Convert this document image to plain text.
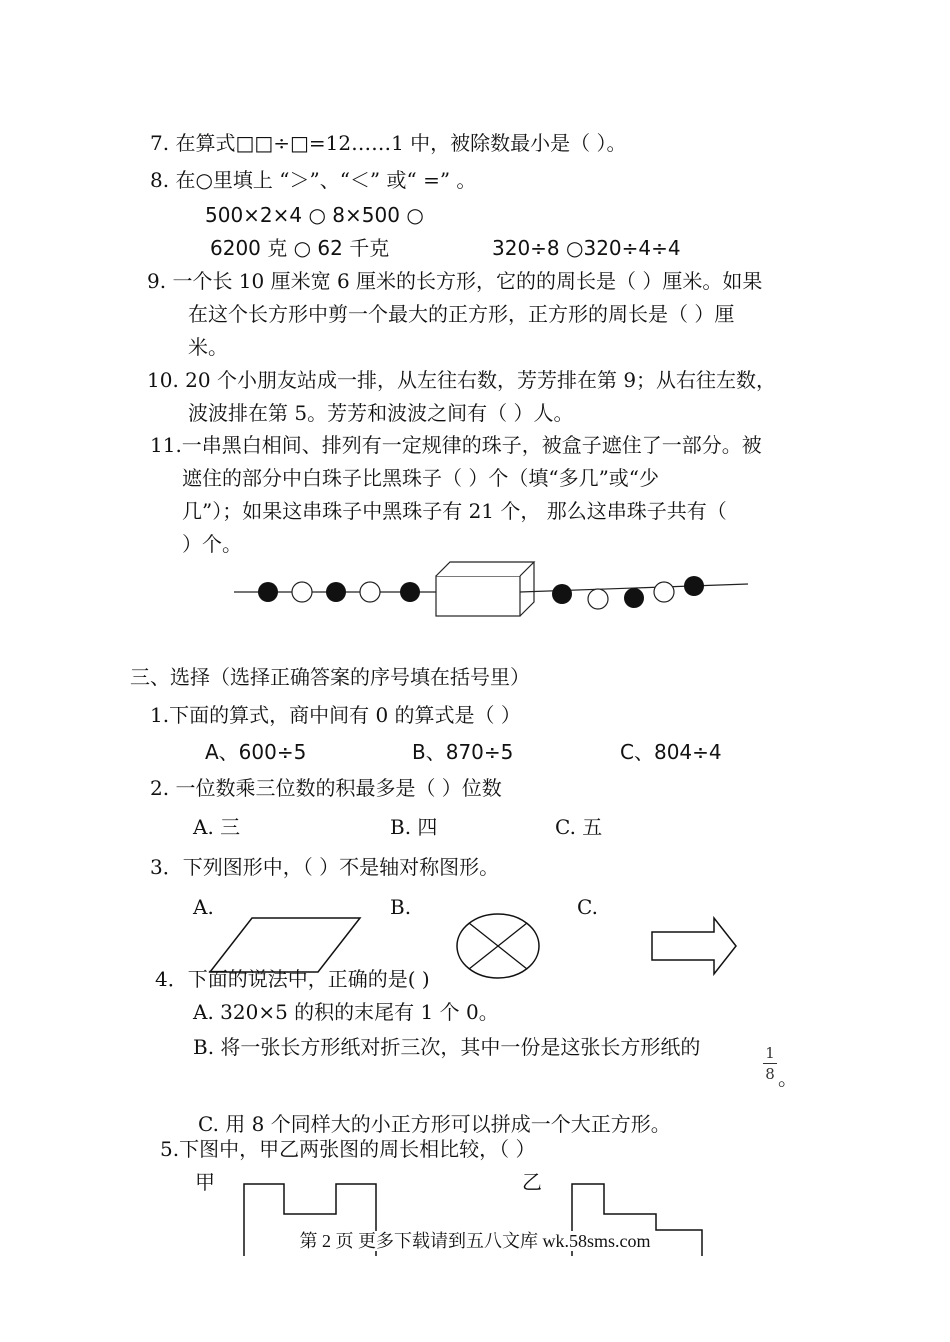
7. 在算式□□÷□=12……1 中，被除数最小是（ ）。
8. 在○里填上 “＞”、“＜” 或“ =” 。
500×2×4 ○ 8×500 ○
6200 克 ○ 62 千克	320÷8 ○320÷4÷4
9. 一个长 10 厘米宽 6 厘米的长方形，它的的周长是（ ）厘米。如果
在这个长方形中剪一个最大的正方形，正方形的周长是（ ）厘
米。
10. 20 个小朋友站成一排，从左往右数，芳芳排在第 9；从右往左数，
波波排在第 5。芳芳和波波之间有（ ）人。
11.一串黑白相间、排列有一定规律的珠子，被盒子遮住了一部分。被
遮住的部分中白珠子比黑珠子（ ）个（填“多几”或“少
几”）；如果这串珠子中黑珠子有 21 个， 那么这串珠子共有（
）个。
三、选择（选择正确答案的序号填在括号里）
1.下面的算式，商中间有 0 的算式是（ ）
A、600÷5	B、870÷5	C、804÷4
2. 一位数乘三位数的积最多是（ ）位数
A. 三	B. 四	C. 五
3．下列图形中，（ ）不是轴对称图形。
A.	B.	C.
4．下面的说法中，正确的是( )
A. 320×5 的积的末尾有 1 个 0。
B. 将一张长方形纸对折三次，其中一份是这张长方形纸的	1
8 。
C. 用 8 个同样大的小正方形可以拼成一个大正方形。
5.下图中，甲乙两张图的周长相比较，（ ）
甲	乙
第 2 页 更多下载请到五八文库 wk.58sms.com
